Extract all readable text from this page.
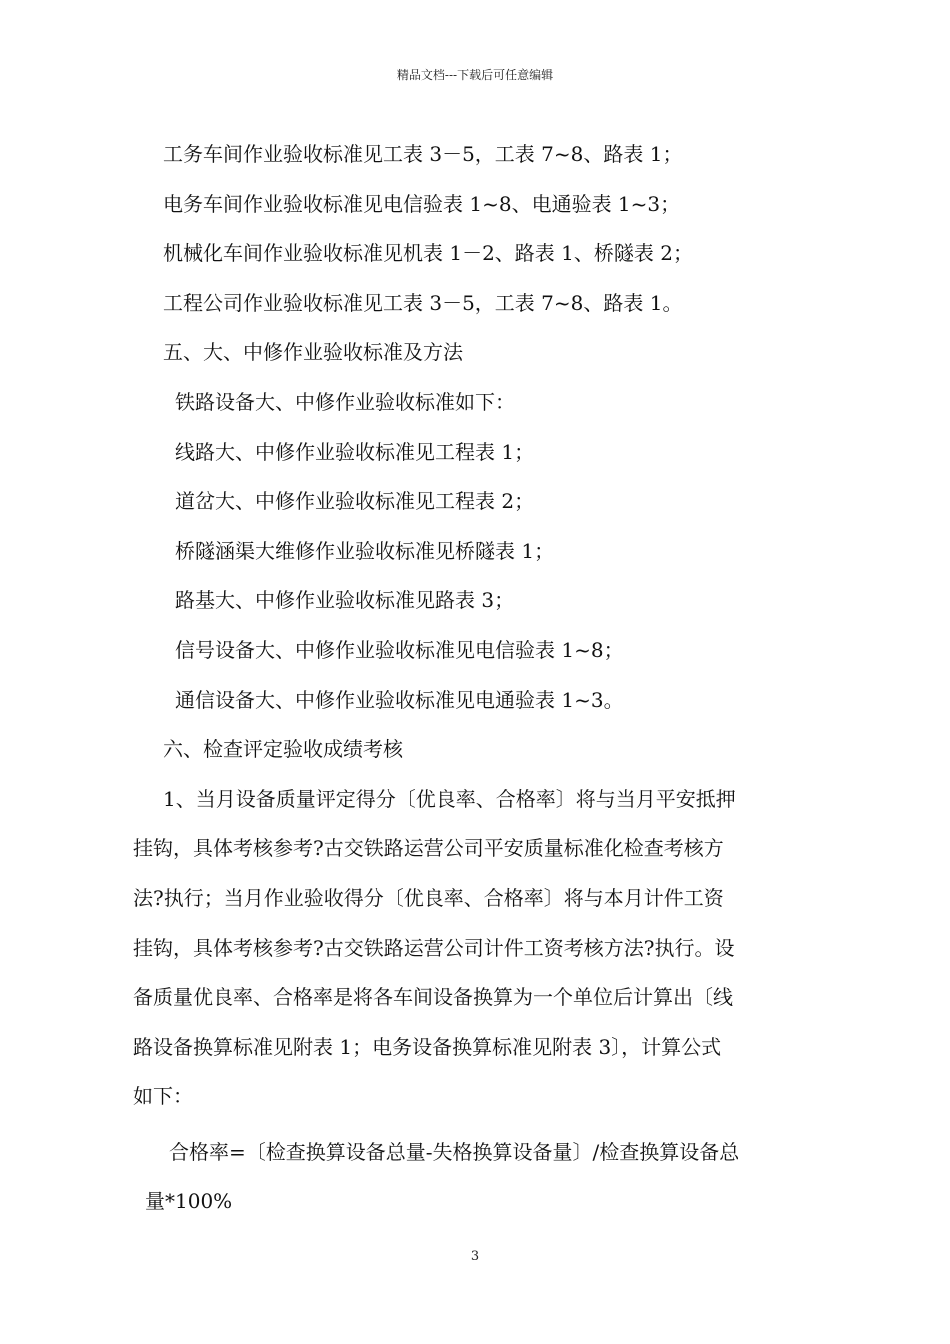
精品文档---下载后可任意编辑
工务车间作业验收标准见工表 3－5，工表 7~8、路表 1；
电务车间作业验收标准见电信验表 1~8、电通验表 1~3；
机械化车间作业验收标准见机表 1－2、路表 1、桥隧表 2；
工程公司作业验收标准见工表 3－5，工表 7~8、路表 1。
五、大、中修作业验收标准及方法
铁路设备大、中修作业验收标准如下：
线路大、中修作业验收标准见工程表 1；
道岔大、中修作业验收标准见工程表 2；
桥隧涵渠大维修作业验收标准见桥隧表 1；
路基大、中修作业验收标准见路表 3；
信号设备大、中修作业验收标准见电信验表 1~8；
通信设备大、中修作业验收标准见电通验表 1~3。
六、检查评定验收成绩考核
1、当月设备质量评定得分〔优良率、合格率〕将与当月平安抵押
挂钩，具体考核参考?古交铁路运营公司平安质量标准化检查考核方
法?执行；当月作业验收得分〔优良率、合格率〕将与本月计件工资
挂钩，具体考核参考?古交铁路运营公司计件工资考核方法?执行。设
备质量优良率、合格率是将各车间设备换算为一个单位后计算出〔线
路设备换算标准见附表 1；电务设备换算标准见附表 3〕，计算公式
如下：
合格率=〔检查换算设备总量-失格换算设备量〕/检查换算设备总
量*100%
3
